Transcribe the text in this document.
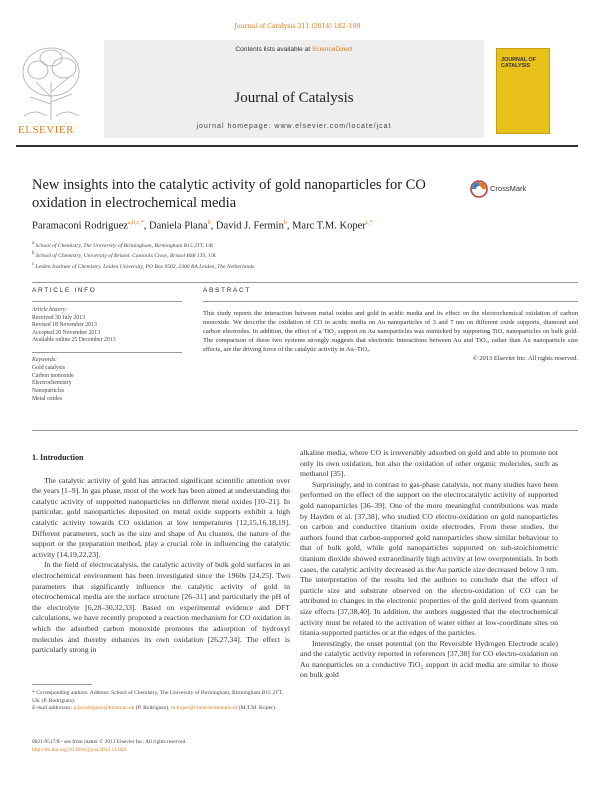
Journal of Catalysis 311 (2014) 182–189
ELSEVIER
Contents lists available at ScienceDirect
Journal of Catalysis
journal homepage: www.elsevier.com/locate/jcat
JOURNAL OF
CATALYSIS
New insights into the catalytic activity of gold nanoparticles for CO oxidation in electrochemical media
CrossMark
Paramaconi Rodriguez$^{a,b,c,*}$, Daniela Plana$^b$, David J. Fermín$^b$, Marc T.M. Koper$^{c,*}$
$^a$ School of Chemistry, The University of Birmingham, Birmingham B15 2TT, UK
$^b$ School of Chemistry, University of Bristol, Cantocks Close, Bristol BS8 1TS, UK
$^c$ Leiden Institute of Chemistry, Leiden University, PO Box 9502, 2300 RA Leiden, The Netherlands
ARTICLE INFO	ABSTRACT
Article history:
Received 30 July 2013
Revised 18 November 2013
Accepted 20 November 2013
Available online 25 December 2013
Keywords:
Gold catalysis
Carbon monoxide
Electrochemistry
Nanoparticles
Metal oxides
This study reports the interaction between metal oxides and gold in acidic media and its effect on the electrochemical oxidation of carbon monoxide. We describe the oxidation of CO in acidic media on Au nanoparticles of 3 and 7 nm on different oxide supports, diamond and carbon electrodes. In addition, the effect of a TiO₂ support on Au nanoparticles was mimicked by supporting TiOₓ nanoparticles on bulk gold. The comparison of these two systems strongly suggests that electronic interactions between Au and TiOₓ, rather than Au nanoparticle size effects, are the driving force of the catalytic activity in Au–TiOₓ.
© 2013 Elsevier Inc. All rights reserved.
1. Introduction

The catalytic activity of gold has attracted significant scientific attention over the years [1–9]. In gas phase, most of the work has been aimed at understanding the catalytic activity of supported nanoparticles on different metal oxides [10–21]. In particular, gold nanoparticles deposited on metal oxide supports exhibit a high catalytic activity towards CO oxidation at low temperatures [12,15,16,18,19]. Different parameters, such as the size and shape of Au clusters, the nature of the support or the preparation method, play a crucial role in influencing the catalytic activity [14,19,22,23].

In the field of electrocatalysis, the catalytic activity of bulk gold surfaces in an electrochemical environment has been investigated since the 1960s [24,25]. Two parameters that significantly influence the catalytic activity of gold in electrochemical media are the surface structure [26–31] and particularly the pH of the electrolyte [6,28–30,32,33]. Based on experimental evidence and DFT calculations, we have recently proposed a reaction mechanism for CO oxidation in which the adsorbed carbon monoxide promotes the adsorption of hydroxyl molecules and thereby enhances its own oxidation [26,27,34]. The effect is particularly strong in

alkaline media, where CO is irreversibly adsorbed on gold and able to promote not only its own oxidation, but also the oxidation of other organic molecules, such as methanol [35].

Surprisingly, and in contrast to gas-phase catalysis, not many studies have been performed on the effect of the support on the electrocatalytic activity of supported gold nanoparticles [36–39]. One of the more meaningful contributions was made by Hayden et al. [37,38], who studied CO electro-oxidation on gold nanoparticles on carbon and conductive titanium oxide electrodes. From these studies, the authors found that carbon-supported gold nanoparticles show similar behaviour to that of bulk gold, while gold nanoparticles supported on sub-stoichiometric titanium dioxide showed extraordinarily high activity at low overpotentials. In both cases, the catalytic activity decreased as the Au particle size decreased below 3 nm. The interpretation of the results led the authors to conclude that the effect of particle size and substrate observed on the electro-oxidation of CO can be attributed to changes in the electronic properties of the gold derived from quantum size effects [37,38,40]. In addition, the authors suggested that the electrochemical activity must be related to the activation of water either at low-coordinate sites on titania-supported particles or at the edges of the particles.

Interestingly, the onset potential (on the Reversible Hydrogen Electrode scale) and the catalytic activity reported in references [37,38] for CO electro-oxidation on Au nanoparticles on a conductive TiO₂ support in acid media are similar to those on bulk gold

* Corresponding authors. Address: School of Chemistry, The University of Birmingham, Birmingham B15 2TT, UK (P. Rodriguez).
E-mail addresses: p.b.rodriguez@bham.ac.uk (P. Rodriguez), m.koper@chem.leidenuniv.nl (M.T.M. Koper).
0021-9517/$ - see front matter © 2013 Elsevier Inc. All rights reserved.
http://dx.doi.org/10.1016/j.jcat.2013.11.020
